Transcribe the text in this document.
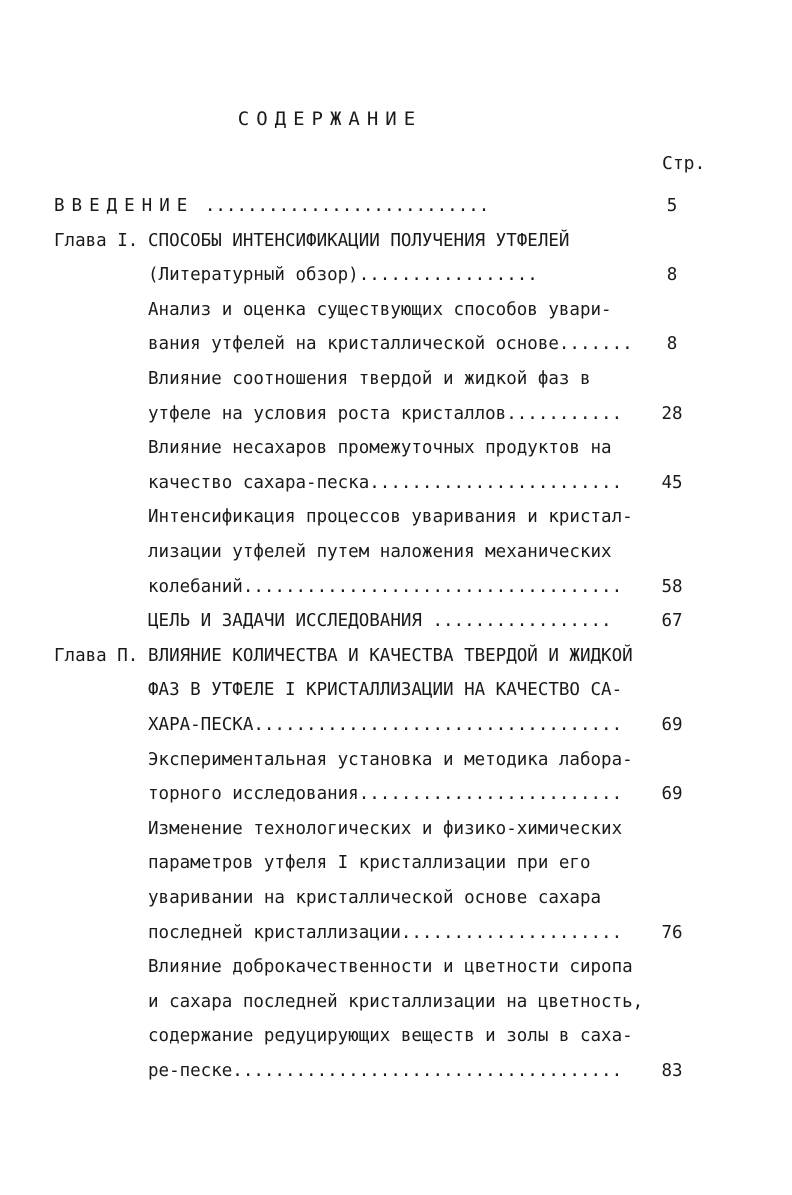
СОДЕРЖАНИЕ
Стр.
ВВЕДЕНИЕ ...........................	5
Глава I. СПОСОБЫ ИНТЕНСИФИКАЦИИ ПОЛУЧЕНИЯ УТФЕЛЕЙ
(Литературный обзор).................	8
Анализ и оценка существующих способов увари-
вания утфелей на кристаллической основе.......	8
Влияние соотношения твердой и жидкой фаз в
утфеле на условия роста кристаллов...........	28
Влияние несахаров промежуточных продуктов на
качество сахара-песка........................	45
Интенсификация процессов уваривания и кристал-
лизации утфелей путем наложения механических
колебаний....................................	58
ЦЕЛЬ И ЗАДАЧИ ИССЛЕДОВАНИЯ .................	67
Глава П. ВЛИЯНИЕ КОЛИЧЕСТВА И КАЧЕСТВА ТВЕРДОЙ И ЖИДКОЙ
ФАЗ В УТФЕЛЕ I КРИСТАЛЛИЗАЦИИ НА КАЧЕСТВО СА-
ХАРА-ПЕСКА...................................	69
Экспериментальная установка и методика лабора-
торного исследования.........................	69
Изменение технологических и физико-химических
параметров утфеля I кристаллизации при его
уваривании на кристаллической основе сахара
последней кристаллизации.....................	76
Влияние доброкачественности и цветности сиропа
и сахара последней кристаллизации на цветность,
содержание редуцирующих веществ и золы в саха-
ре-песке.....................................	83
